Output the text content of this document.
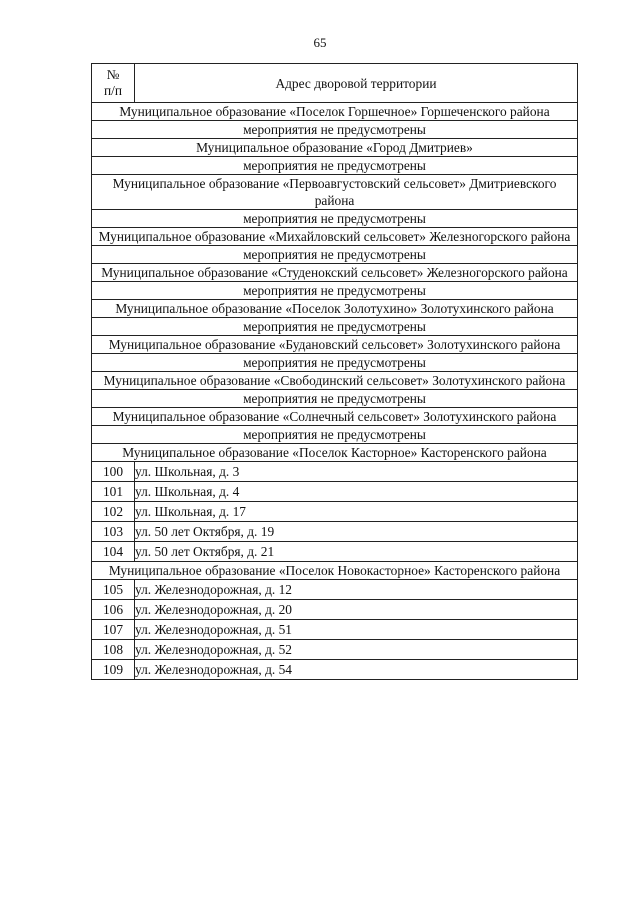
65
№
п/п	Адрес дворовой территории
Муниципальное образование «Поселок Горшечное» Горшеченского района	
мероприятия не предусмотрены	
Муниципальное образование «Город Дмитриев»	
мероприятия не предусмотрены	
Муниципальное образование «Первоавгустовский сельсовет» Дмитриевского района	
мероприятия не предусмотрены	
Муниципальное образование «Михайловский сельсовет» Железногорского района	
мероприятия не предусмотрены	
Муниципальное образование «Студенокский сельсовет» Железногорского района	
мероприятия не предусмотрены	
Муниципальное образование «Поселок Золотухино» Золотухинского района	
мероприятия не предусмотрены	
Муниципальное образование «Будановский сельсовет» Золотухинского района	
мероприятия не предусмотрены	
Муниципальное образование «Свободинский сельсовет» Золотухинского района	
мероприятия не предусмотрены	
Муниципальное образование «Солнечный сельсовет» Золотухинского района	
мероприятия не предусмотрены	
Муниципальное образование «Поселок Касторное» Касторенского района	
100	ул. Школьная, д. 3
101	ул. Школьная, д. 4
102	ул. Школьная, д. 17
103	ул. 50 лет Октября, д. 19
104	ул. 50 лет Октября, д. 21
Муниципальное образование «Поселок Новокасторное» Касторенского района	
105	ул. Железнодорожная, д. 12
106	ул. Железнодорожная, д. 20
107	ул. Железнодорожная, д. 51
108	ул. Железнодорожная, д. 52
109	ул. Железнодорожная, д. 54
